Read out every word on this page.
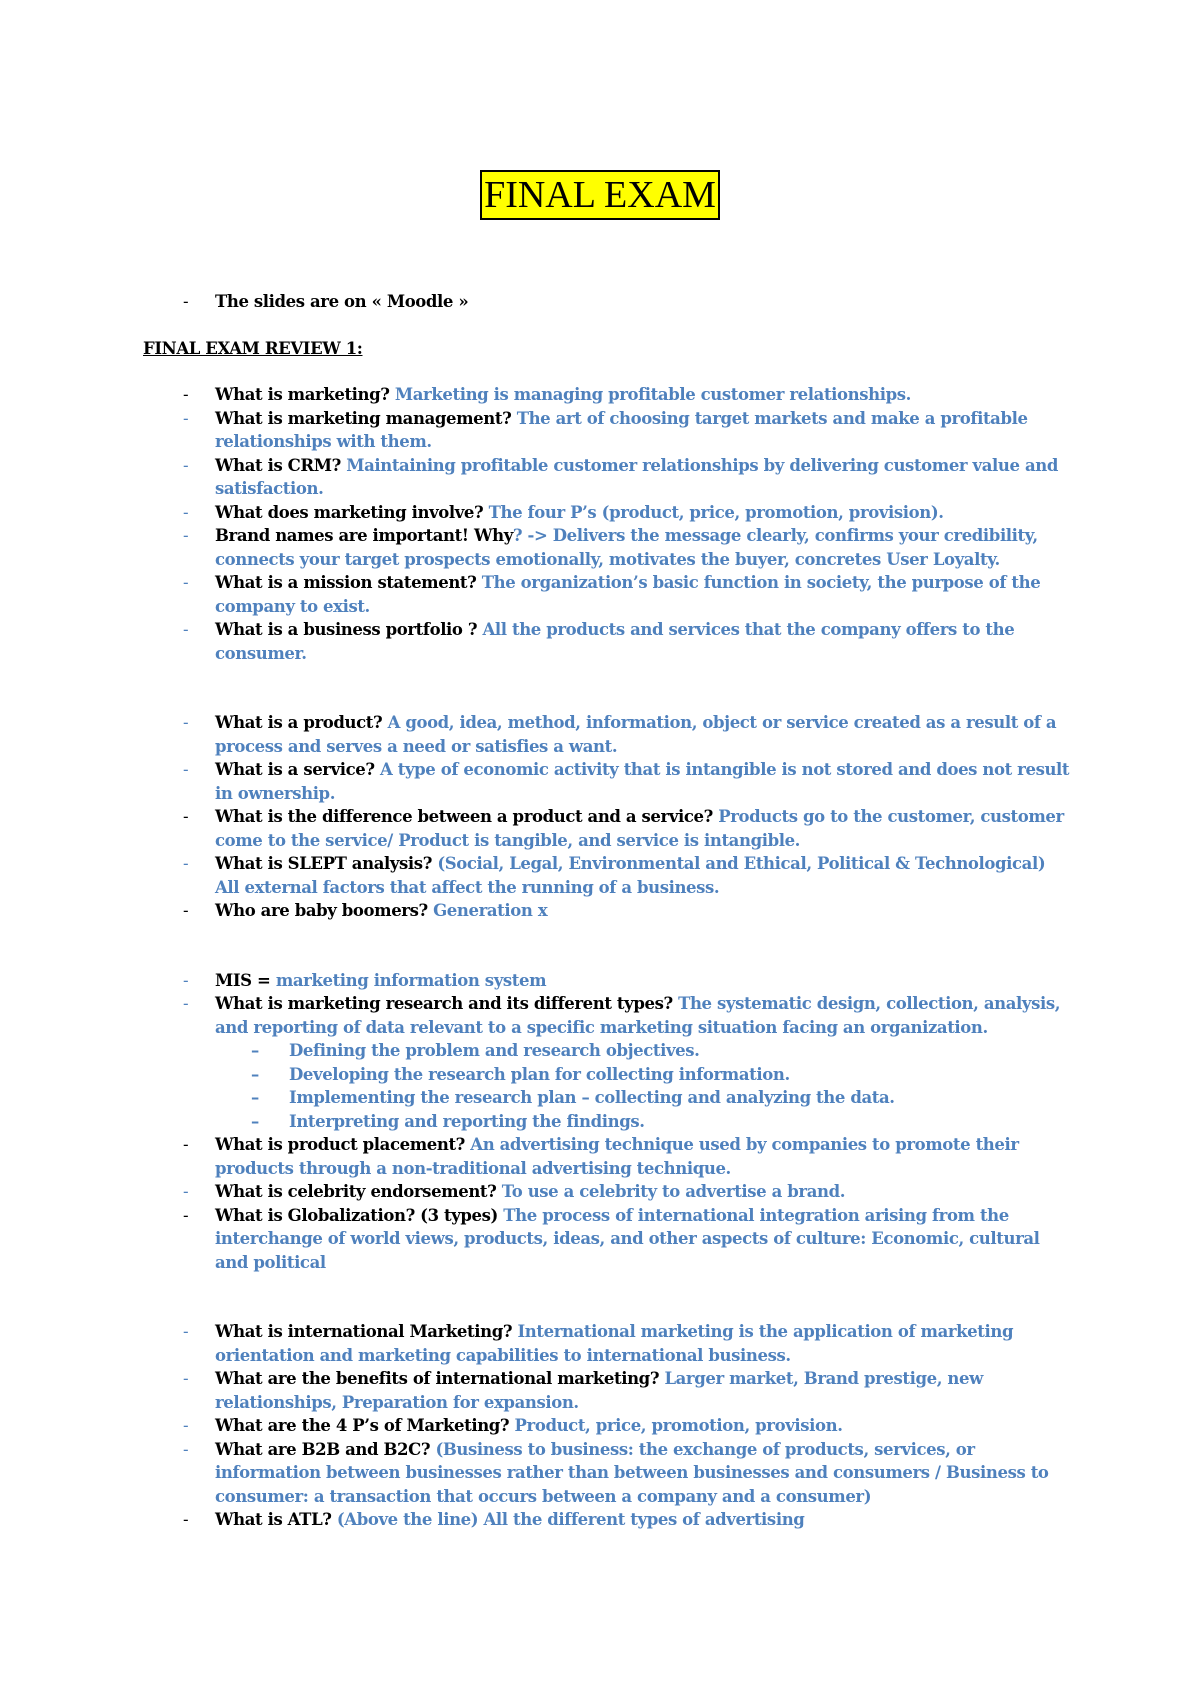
FINAL EXAM

- The slides are on « Moodle »

FINAL EXAM REVIEW 1:

- What is marketing? Marketing is managing profitable customer relationships.

- What is marketing management? The art of choosing target markets and make a profitable relationships with them.

- What is CRM? Maintaining profitable customer relationships by delivering customer value and satisfaction.

- What does marketing involve? The four P’s (product, price, promotion, provision).

- Brand names are important! Why? -> Delivers the message clearly, confirms your credibility, connects your target prospects emotionally, motivates the buyer, concretes User Loyalty.

- What is a mission statement? The organization’s basic function in society, the purpose of the company to exist.

- What is a business portfolio ? All the products and services that the company offers to the consumer.

- What is a product? A good, idea, method, information, object or service created as a result of a process and serves a need or satisfies a want.

- What is a service? A type of economic activity that is intangible is not stored and does not result in ownership.

- What is the difference between a product and a service? Products go to the customer, customer come to the service/ Product is tangible, and service is intangible.

- What is SLEPT analysis? (Social, Legal, Environmental and Ethical, Political & Technological) All external factors that affect the running of a business.

- Who are baby boomers? Generation x

- MIS = marketing information system

- What is marketing research and its different types? The systematic design, collection, analysis, and reporting of data relevant to a specific marketing situation facing an organization.

– Defining the problem and research objectives.

– Developing the research plan for collecting information.

– Implementing the research plan – collecting and analyzing the data.

– Interpreting and reporting the findings.

- What is product placement? An advertising technique used by companies to promote their products through a non-traditional advertising technique.

- What is celebrity endorsement? To use a celebrity to advertise a brand.

- What is Globalization? (3 types) The process of international integration arising from the interchange of world views, products, ideas, and other aspects of culture: Economic, cultural and political

- What is international Marketing? International marketing is the application of marketing orientation and marketing capabilities to international business.

- What are the benefits of international marketing? Larger market, Brand prestige, new relationships, Preparation for expansion.

- What are the 4 P’s of Marketing? Product, price, promotion, provision.

- What are B2B and B2C? (Business to business: the exchange of products, services, or information between businesses rather than between businesses and consumers / Business to consumer: a transaction that occurs between a company and a consumer)

- What is ATL? (Above the line) All the different types of advertising
